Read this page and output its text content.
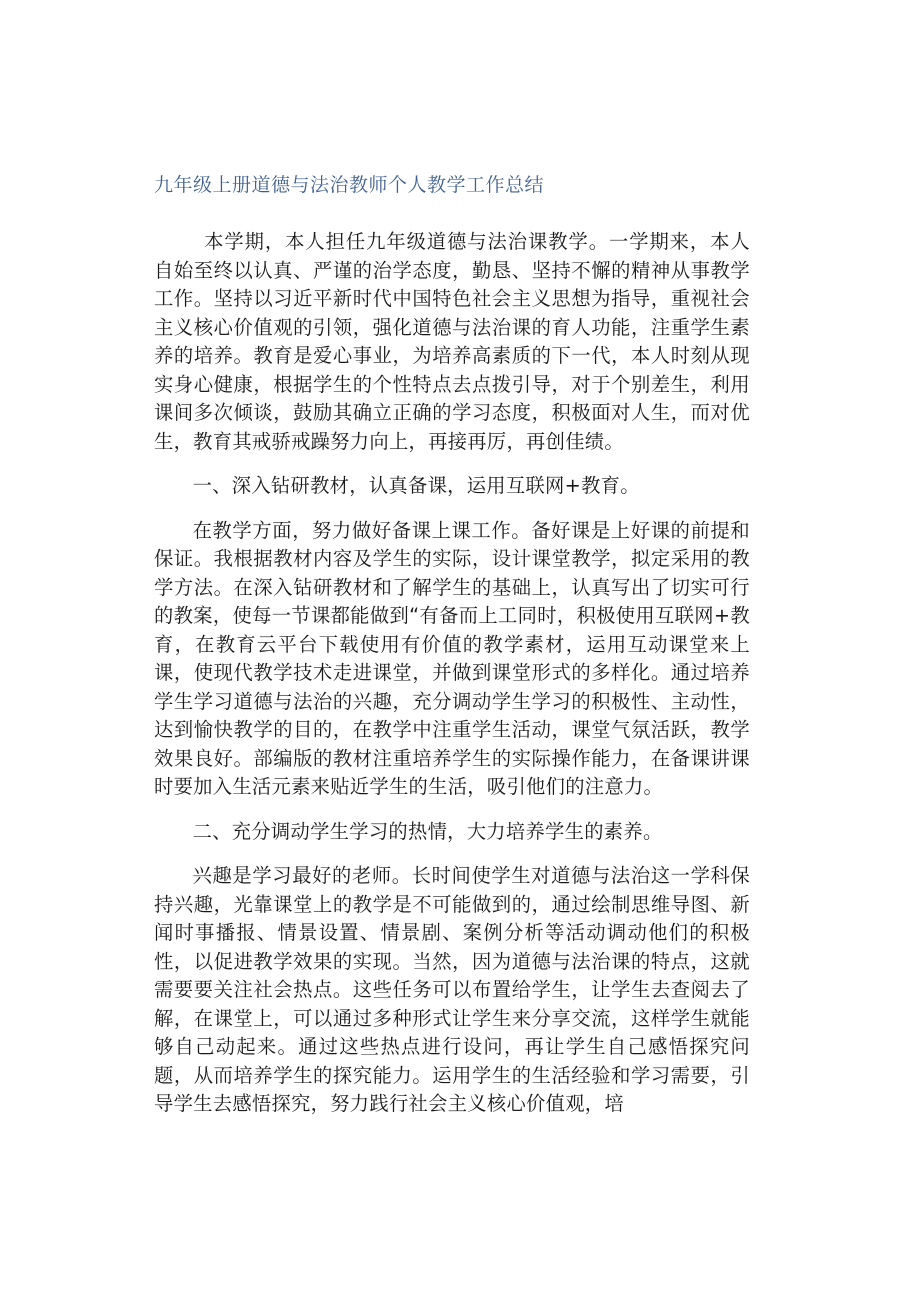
九年级上册道德与法治教师个人教学工作总结

本学期，本人担任九年级道德与法治课教学。一学期来，本人自始至终以认真、严谨的治学态度，勤恳、坚持不懈的精神从事教学工作。坚持以习近平新时代中国特色社会主义思想为指导，重视社会主义核心价值观的引领，强化道德与法治课的育人功能，注重学生素养的培养。教育是爱心事业，为培养高素质的下一代，本人时刻从现实身心健康，根据学生的个性特点去点拨引导，对于个别差生，利用课间多次倾谈，鼓励其确立正确的学习态度，积极面对人生，而对优生，教育其戒骄戒躁努力向上，再接再厉，再创佳绩。

一、深入钻研教材，认真备课，运用互联网+教育。

在教学方面，努力做好备课上课工作。备好课是上好课的前提和保证。我根据教材内容及学生的实际，设计课堂教学，拟定采用的教学方法。在深入钻研教材和了解学生的基础上，认真写出了切实可行的教案，使每一节课都能做到“有备而上工同时，积极使用互联网+教育，在教育云平台下载使用有价值的教学素材，运用互动课堂来上课，使现代教学技术走进课堂，并做到课堂形式的多样化。通过培养学生学习道德与法治的兴趣，充分调动学生学习的积极性、主动性，达到愉快教学的目的，在教学中注重学生活动，课堂气氛活跃，教学效果良好。部编版的教材注重培养学生的实际操作能力，在备课讲课时要加入生活元素来贴近学生的生活，吸引他们的注意力。

二、充分调动学生学习的热情，大力培养学生的素养。

兴趣是学习最好的老师。长时间使学生对道德与法治这一学科保持兴趣，光靠课堂上的教学是不可能做到的，通过绘制思维导图、新闻时事播报、情景设置、情景剧、案例分析等活动调动他们的积极性，以促进教学效果的实现。当然，因为道德与法治课的特点，这就需要要关注社会热点。这些任务可以布置给学生，让学生去查阅去了解，在课堂上，可以通过多种形式让学生来分享交流，这样学生就能够自己动起来。通过这些热点进行设问，再让学生自己感悟探究问题，从而培养学生的探究能力。运用学生的生活经验和学习需要，引导学生去感悟探究，努力践行社会主义核心价值观，培
